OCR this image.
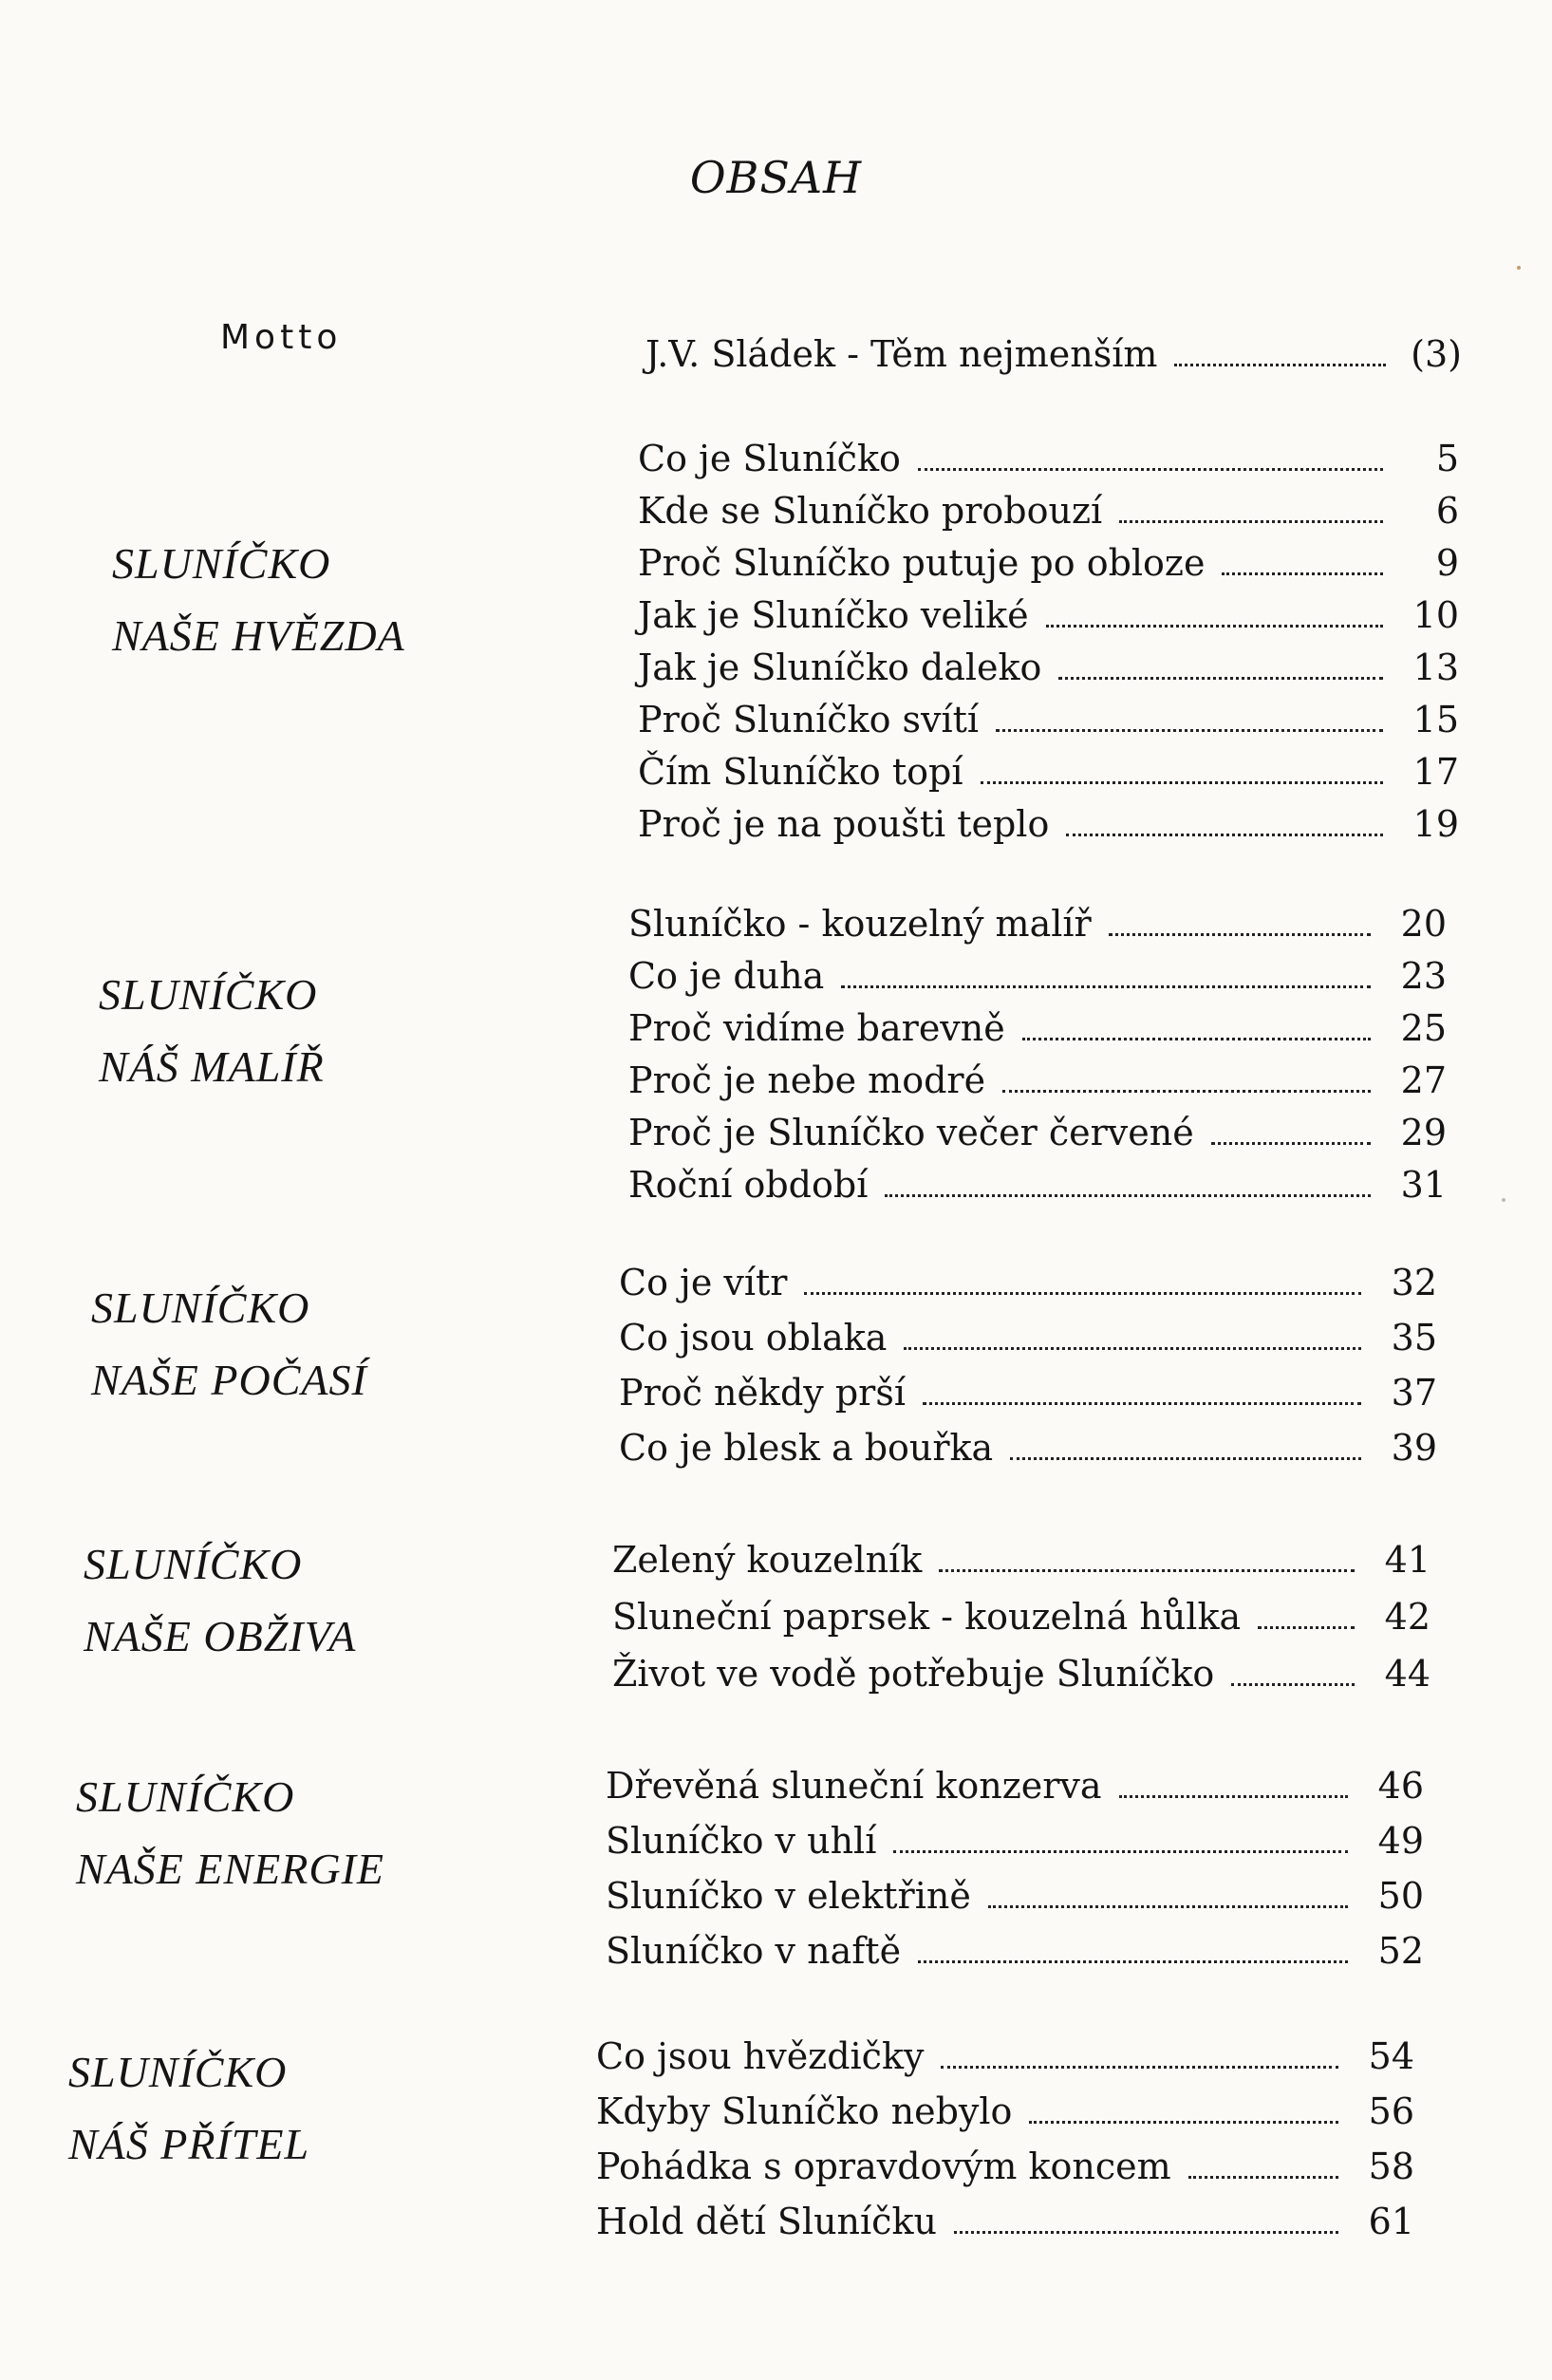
OBSAH
Motto	J.V. Sládek - Těm nejmenším	(3)
SLUNÍČKO
NAŠE HVĚZDA
Co je Sluníčko	5
Kde se Sluníčko probouzí	6
Proč Sluníčko putuje po obloze	9
Jak je Sluníčko veliké	10
Jak je Sluníčko daleko	13
Proč Sluníčko svítí	15
Čím Sluníčko topí	17
Proč je na poušti teplo	19
SLUNÍČKO
NÁŠ MALÍŘ
Sluníčko - kouzelný malíř	20
Co je duha	23
Proč vidíme barevně	25
Proč je nebe modré	27
Proč je Sluníčko večer červené	29
Roční období	31
SLUNÍČKO
NAŠE POČASÍ
Co je vítr	32
Co jsou oblaka	35
Proč někdy prší	37
Co je blesk a bouřka	39
SLUNÍČKO
NAŠE OBŽIVA
Zelený kouzelník	41
Sluneční paprsek - kouzelná hůlka	42
Život ve vodě potřebuje Sluníčko	44
SLUNÍČKO
NAŠE ENERGIE
Dřevěná sluneční konzerva	46
Sluníčko v uhlí	49
Sluníčko v elektřině	50
Sluníčko v naftě	52
SLUNÍČKO
NÁŠ PŘÍTEL
Co jsou hvězdičky	54
Kdyby Sluníčko nebylo	56
Pohádka s opravdovým koncem	58
Hold dětí Sluníčku	61
